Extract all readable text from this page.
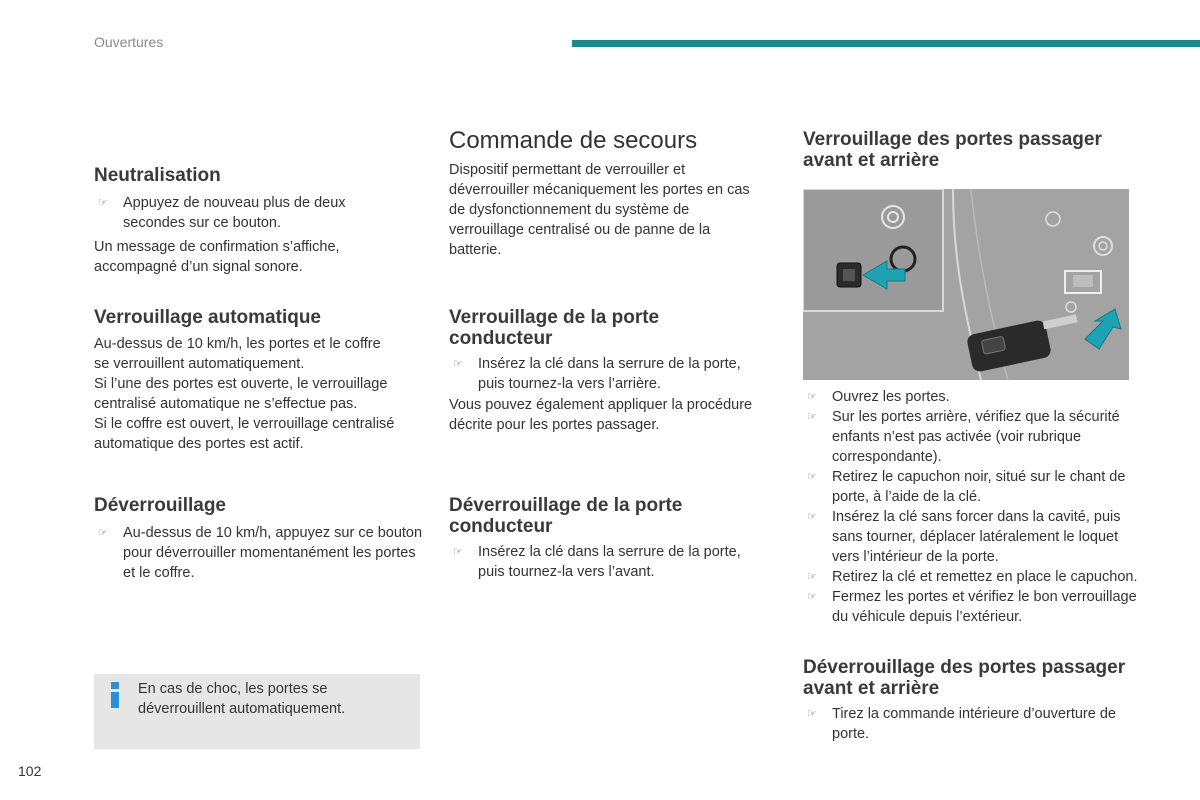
Ouvertures
Neutralisation
☞ Appuyez de nouveau plus de deux secondes sur ce bouton.
Un message de confirmation s’affiche, accompagné d’un signal sonore.
Verrouillage automatique
Au-dessus de 10 km/h, les portes et le coffre
se verrouillent automatiquement.
Si l’une des portes est ouverte, le verrouillage
centralisé automatique ne s’effectue pas.
Si le coffre est ouvert, le verrouillage centralisé
automatique des portes est actif.
Déverrouillage
☞ Au-dessus de 10 km/h, appuyez sur ce bouton pour déverrouiller momentanément les portes et le coffre.
En cas de choc, les portes se déverrouillent automatiquement.
Commande de secours
Dispositif permettant de verrouiller et déverrouiller mécaniquement les portes en cas de dysfonctionnement du système de verrouillage centralisé ou de panne de la batterie.
Verrouillage de la porte conducteur
☞ Insérez la clé dans la serrure de la porte, puis tournez-la vers l’arrière.
Vous pouvez également appliquer la procédure décrite pour les portes passager.
Déverrouillage de la porte conducteur
☞ Insérez la clé dans la serrure de la porte, puis tournez-la vers l’avant.
Verrouillage des portes passager avant et arrière
☞ Ouvrez les portes.
☞ Sur les portes arrière, vérifiez que la sécurité enfants n’est pas activée (voir rubrique correspondante).
☞ Retirez le capuchon noir, situé sur le chant de porte, à l’aide de la clé.
☞ Insérez la clé sans forcer dans la cavité, puis sans tourner, déplacer latéralement le loquet vers l’intérieur de la porte.
☞ Retirez la clé et remettez en place le capuchon.
☞ Fermez les portes et vérifiez le bon verrouillage du véhicule depuis l’extérieur.
Déverrouillage des portes passager avant et arrière
☞ Tirez la commande intérieure d’ouverture de porte.
102
